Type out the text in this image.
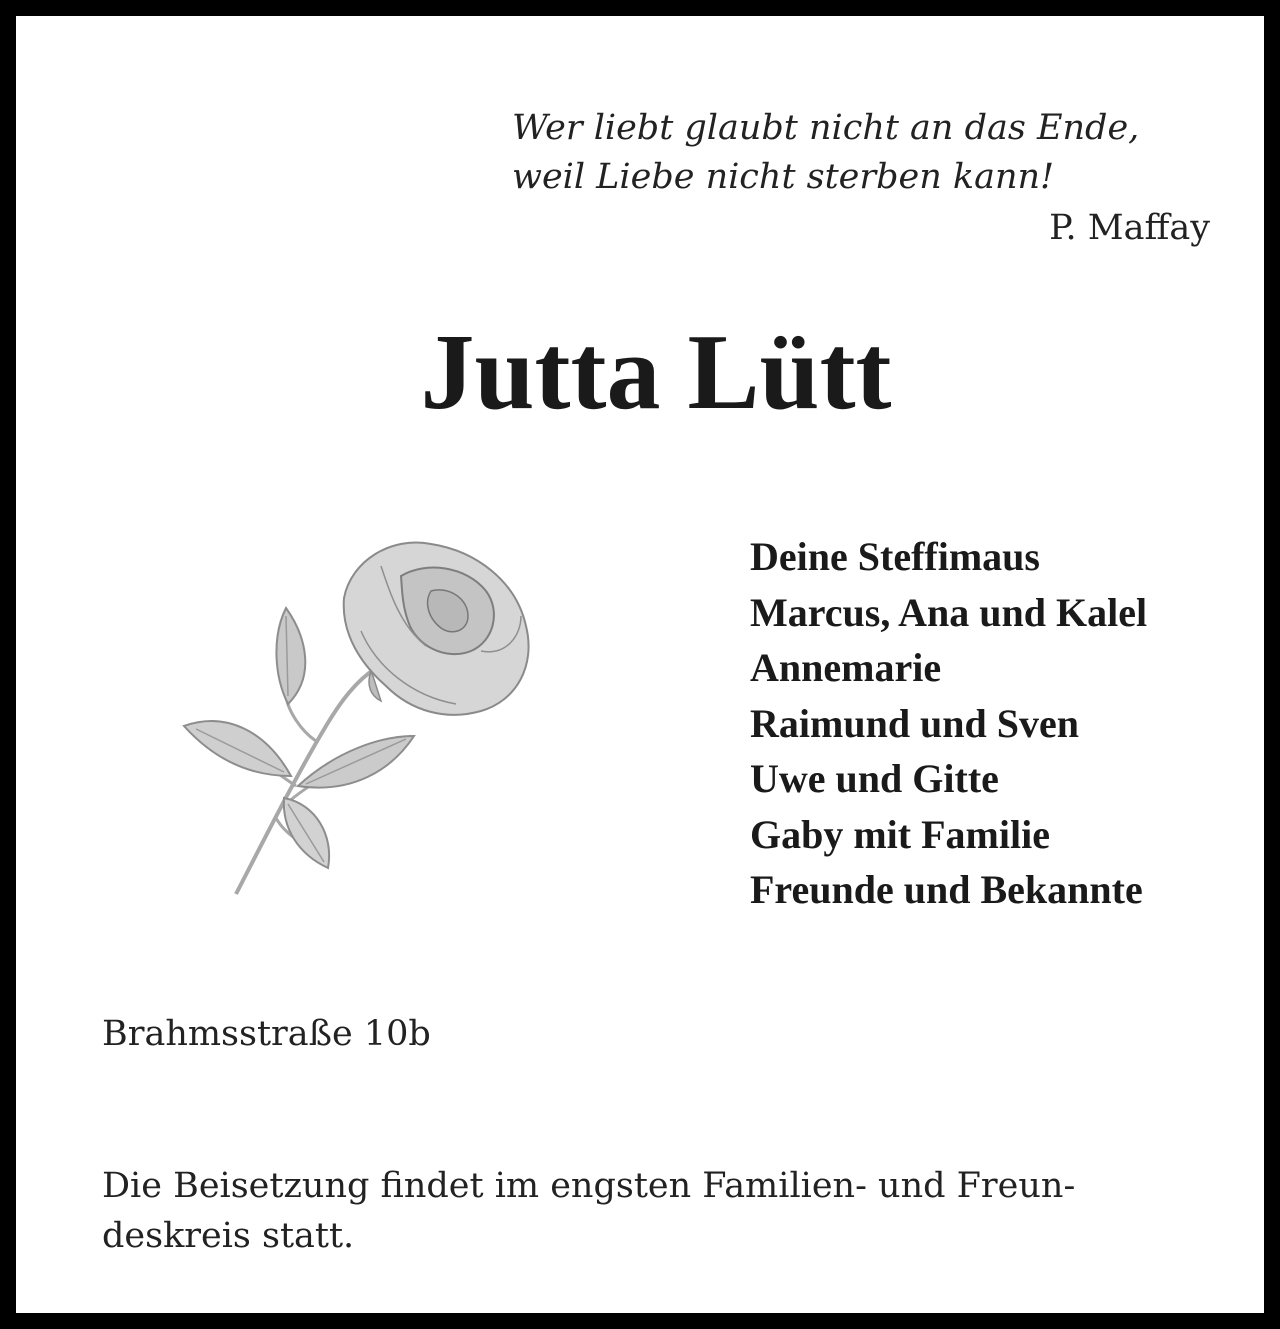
Wer liebt glaubt nicht an das Ende,
weil Liebe nicht sterben kann!
P. Maffay
Jutta Lütt
Deine Steffimaus
Marcus, Ana und Kalel
Annemarie
Raimund und Sven
Uwe und Gitte
Gaby mit Familie
Freunde und Bekannte
Brahmsstraße 10b
Die Beisetzung findet im engsten Familien- und Freun-
deskreis statt.
